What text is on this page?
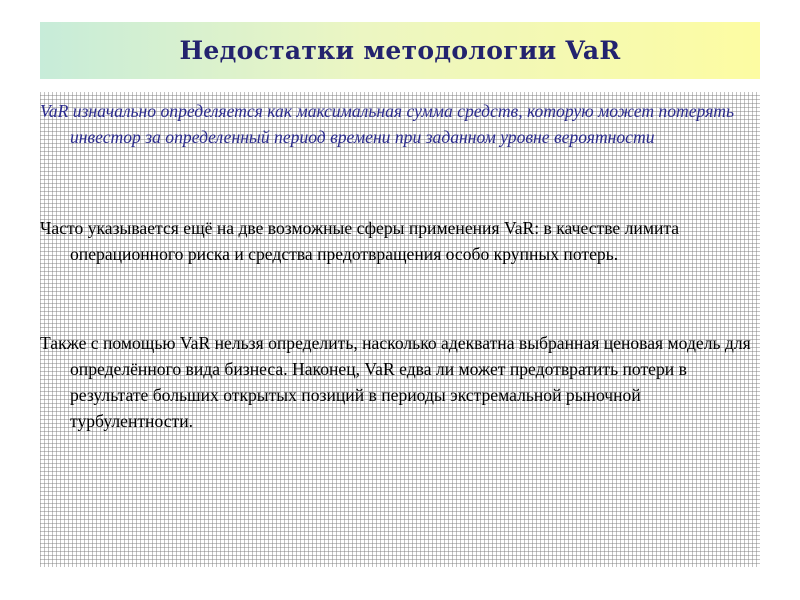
Недостатки методологии VaR

VaR изначально определяется как максимальная сумма средств, которую может потерять инвестор за определенный период времени при заданном уровне вероятности

Часто указывается ещё на две возможные сферы применения VaR: в качестве лимита операционного риска и средства предотвращения особо крупных потерь.

Также с помощью VaR нельзя определить, насколько адекватна выбранная ценовая модель для определённого вида бизнеса. Наконец, VaR едва ли может предотвратить потери в результате больших открытых позиций в периоды экстремальной рыночной турбулентности.
